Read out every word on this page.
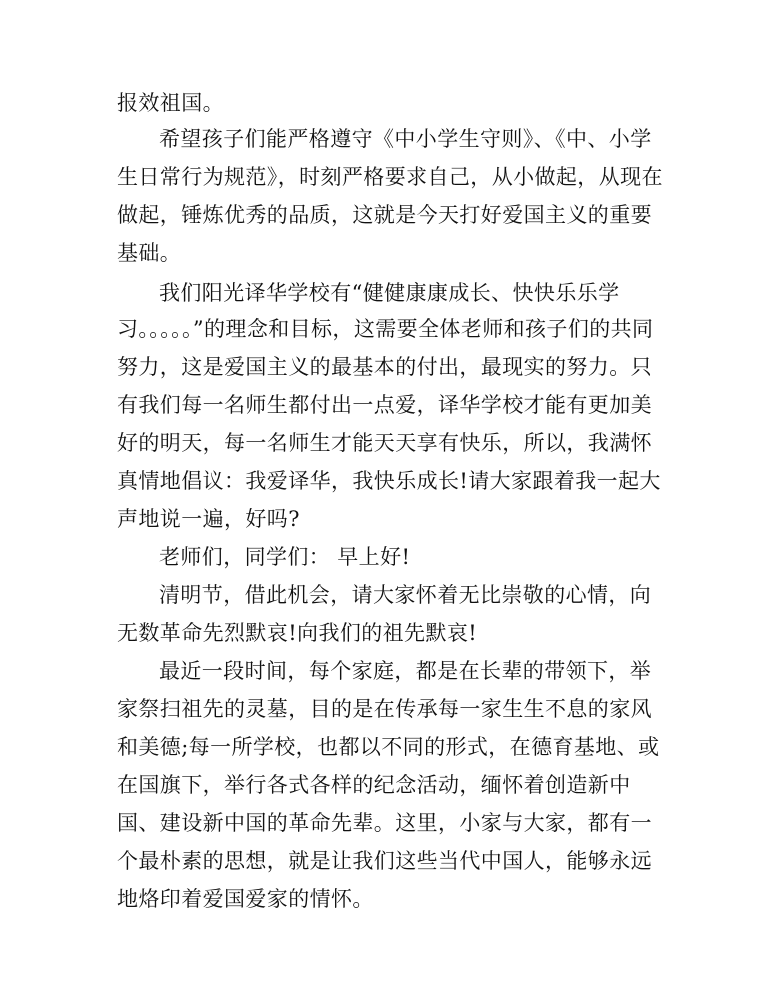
报效祖国。
希望孩子们能严格遵守《中小学生守则》、《中、小学
生日常行为规范》，时刻严格要求自己，从小做起，从现在
做起，锤炼优秀的品质，这就是今天打好爱国主义的重要
基础。
我们阳光译华学校有“健健康康成长、快快乐乐学
习。。。。。”的理念和目标，这需要全体老师和孩子们的共同
努力，这是爱国主义的最基本的付出，最现实的努力。只
有我们每一名师生都付出一点爱，译华学校才能有更加美
好的明天，每一名师生才能天天享有快乐，所以，我满怀
真情地倡议：我爱译华，我快乐成长!请大家跟着我一起大
声地说一遍，好吗?
老师们，同学们： 早上好!
清明节，借此机会，请大家怀着无比崇敬的心情，向
无数革命先烈默哀!向我们的祖先默哀!
最近一段时间，每个家庭，都是在长辈的带领下，举
家祭扫祖先的灵墓，目的是在传承每一家生生不息的家风
和美德;每一所学校，也都以不同的形式，在德育基地、或
在国旗下，举行各式各样的纪念活动，缅怀着创造新中
国、建设新中国的革命先辈。这里，小家与大家，都有一
个最朴素的思想，就是让我们这些当代中国人，能够永远
地烙印着爱国爱家的情怀。
